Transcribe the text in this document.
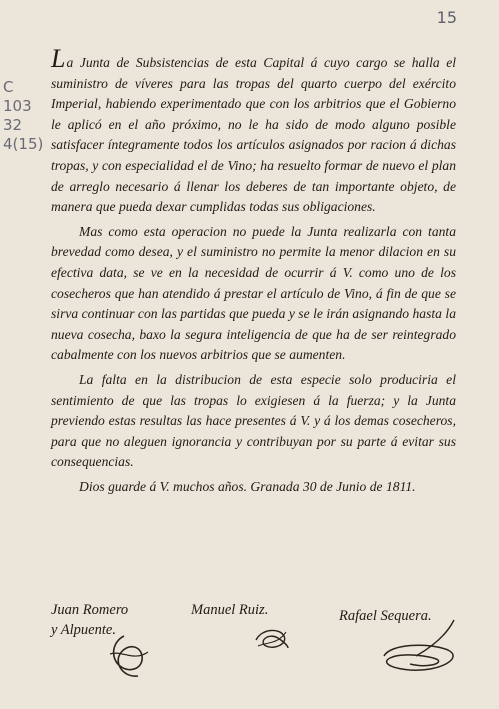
15
C
103
32
4(15)

La Junta de Subsistencias de esta Capital á cuyo cargo se halla el suministro de víveres para las tropas del quarto cuerpo del exército Imperial, habiendo experimentado que con los arbitrios que el Gobierno le aplicó en el año próximo, no le ha sido de modo alguno posible satisfacer íntegramente todos los artículos asignados por racion á dichas tropas, y con especialidad el de Vino; ha resuelto formar de nuevo el plan de arreglo necesario á llenar los deberes de tan importante objeto, de manera que pueda dexar cumplidas todas sus obligaciones.

Mas como esta operacion no puede la Junta realizarla con tanta brevedad como desea, y el suministro no permite la menor dilacion en su efectiva data, se ve en la necesidad de ocurrir á V. como uno de los cosecheros que han atendido á prestar el artículo de Vino, á fin de que se sirva continuar con las partidas que pueda y se le irán asignando hasta la nueva cosecha, baxo la segura inteligencia de que ha de ser reintegrado cabalmente con los nuevos arbitrios que se aumenten.

La falta en la distribucion de esta especie solo produciria el sentimiento de que las tropas lo exigiesen á la fuerza; y la Junta previendo estas resultas las hace presentes á V. y á los demas cosecheros, para que no aleguen ignorancia y contribuyan por su parte á evitar sus consequencias.

Dios guarde á V. muchos años. Granada 30 de Junio de 1811.

Juan Romero
y Alpuente.
Manuel Ruiz.	Rafael Sequera.
